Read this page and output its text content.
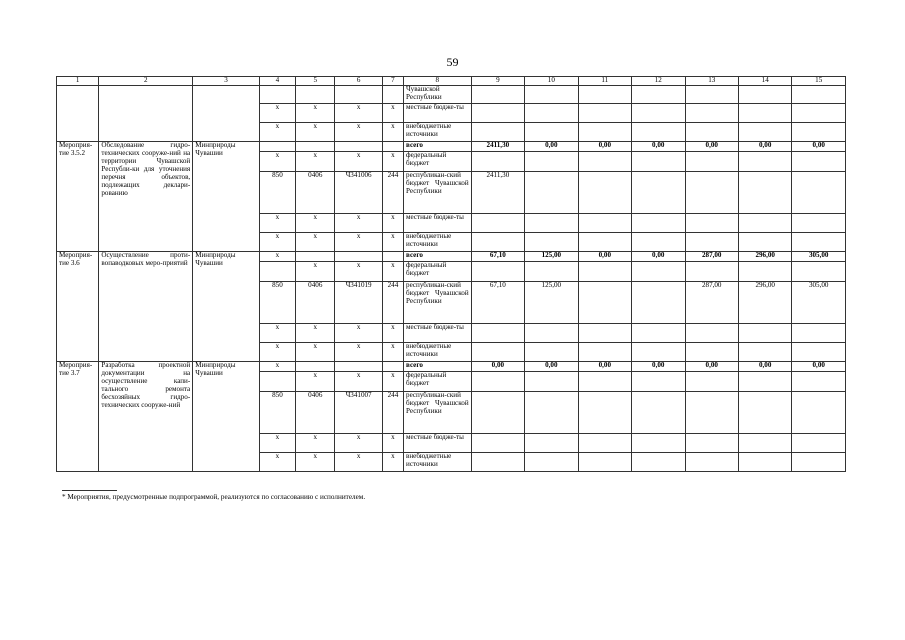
59
1	2	3	4	5	6	7	8	9	10	11	12	13	14	15
							Чувашской Республики							
			х	х	х	х	местные бюдже-ты							
			х	х	х	х	внебюджетные источники							
Мероприя-тие 3.5.2	Обследование гидро-технических сооруже-ний на территории Чувашской Республи-ки для уточнения перечня объектов, подлежащих деклари-рованию	Минприроды Чувашии					всего	2411,30	0,00	0,00	0,00	0,00	0,00	0,00
			х	х	х	х	федеральный бюджет							
			850	0406	Ч341006	244	республикан-ский бюджет Чувашской Республики	2411,30						
			х	х	х	х	местные бюдже-ты							
			х	х	х	х	внебюджетные источники							
Мероприя-тие 3.6	Осуществление проти-вопаводковых меро-приятий	Минприроды Чувашии	х				всего	67,10	125,00	0,00	0,00	287,00	296,00	305,00
				х	х	х	федеральный бюджет							
			850	0406	Ч341019	244	республикан-ский бюджет Чувашской Республики	67,10	125,00			287,00	296,00	305,00
			х	х	х	х	местные бюдже-ты							
			х	х	х	х	внебюджетные источники							
Мероприя-тие 3.7	Разработка проектной документации на осуществление капи-тального ремонта бесхозяйных гидро-технических сооруже-ний	Минприроды Чувашии	х				всего	0,00	0,00	0,00	0,00	0,00	0,00	0,00
				х	х	х	федеральный бюджет							
			850	0406	Ч341007	244	республикан-ский бюджет Чувашской Республики							
			х	х	х	х	местные бюдже-ты							
			х	х	х	х	внебюджетные источники							
* Мероприятия, предусмотренные подпрограммой, реализуются по согласованию с исполнителем.
